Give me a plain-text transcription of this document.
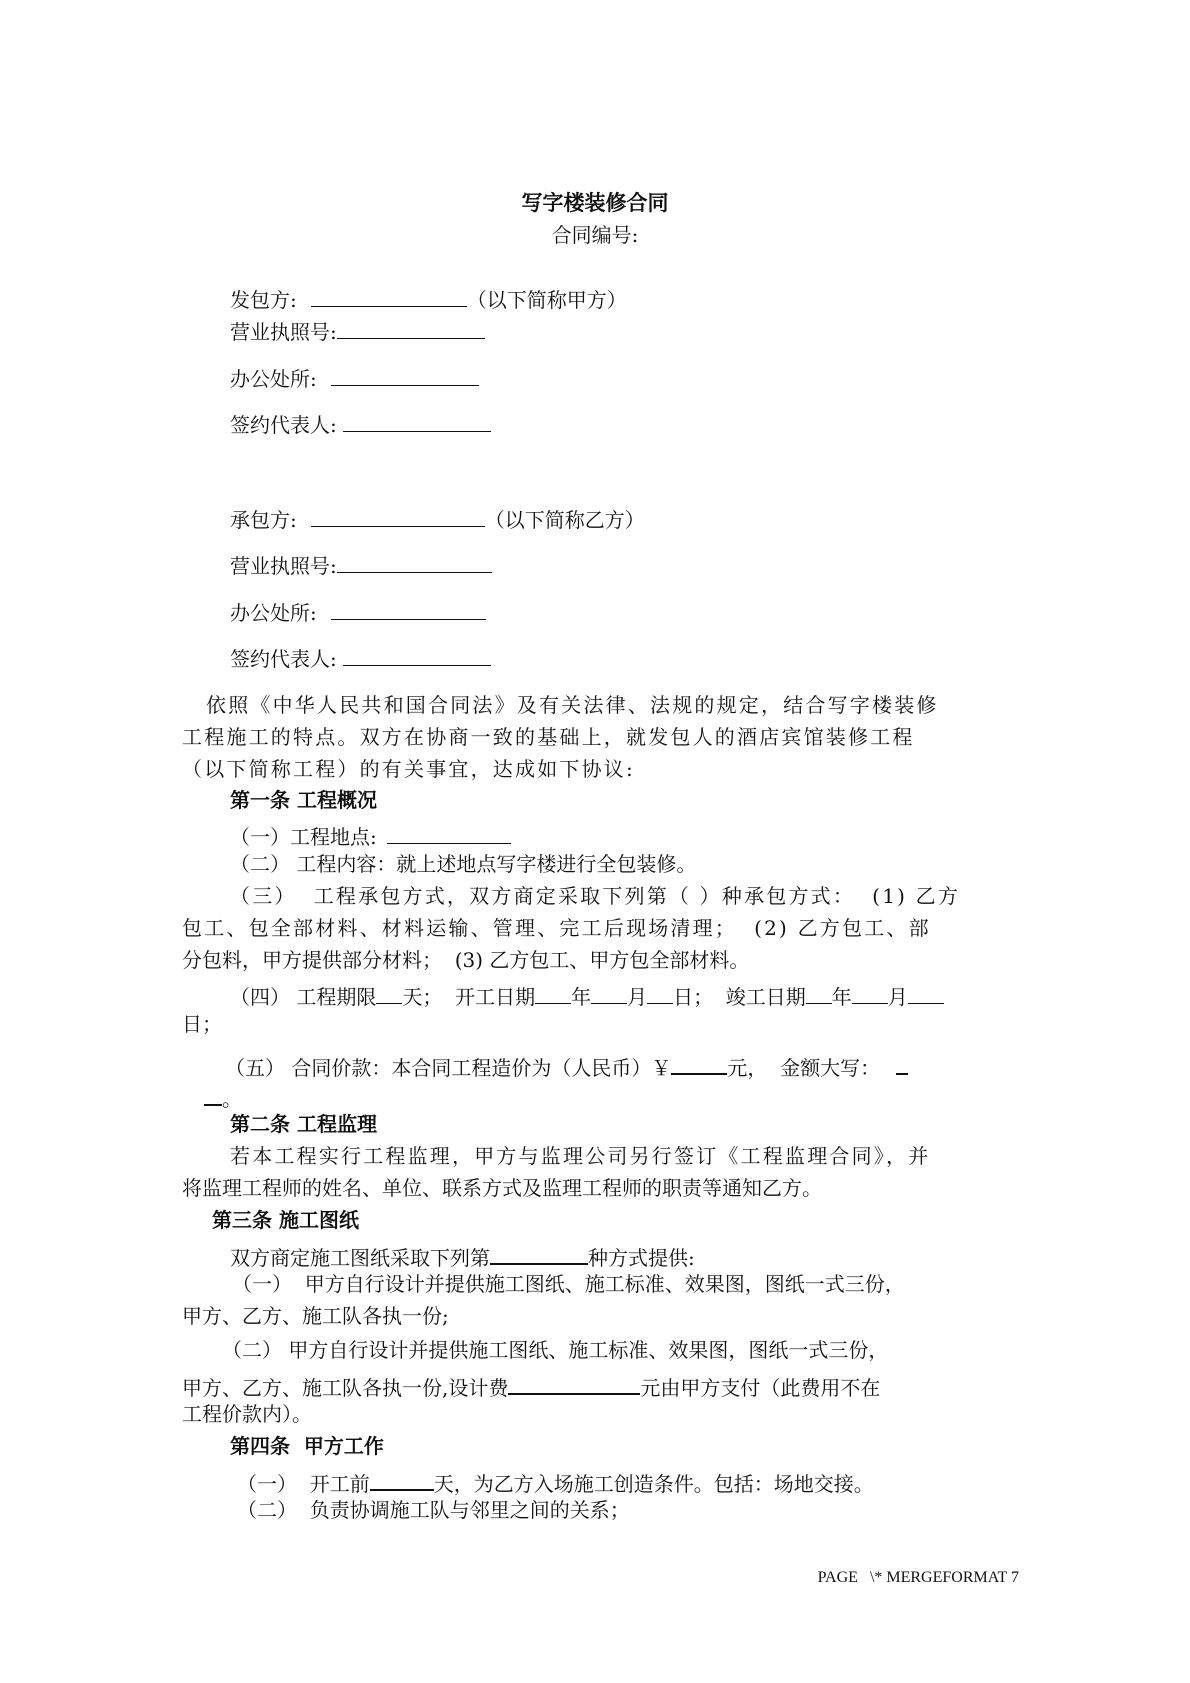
写字楼装修合同
合同编号:
发包方:	（以下简称甲方）
营业执照号:
办公处所:
签约代表人:
承包方:	（以下简称乙方）
营业执照号:
办公处所:
签约代表人:
依照《中华人民共和国合同法》及有关法律、法规的规定，结合写字楼装修
工程施工的特点。双方在协商一致的基础上，就发包人的酒店宾馆装修工程
（以下简称工程）的有关事宜，达成如下协议:
第一条 工程概况
（一）工程地点:
（二） 工程内容：就上述地点写字楼进行全包装修。
（三）  工程承包方式，双方商定采取下列第（ ）种承包方式：  (1) 乙方
包工、包全部材料、材料运输、管理、完工后现场清理；  (2) 乙方包工、部
分包料，甲方提供部分材料；  (3) 乙方包工、甲方包全部材料。
（四） 工程期限 天；  开工日期 年 月 日；  竣工日期 年 月
日；
（五） 合同价款：本合同工程造价为（人民币）￥	元，  金额大写：
。
第二条 工程监理
若本工程实行工程监理，甲方与监理公司另行签订《工程监理合同》，并
将监理工程师的姓名、单位、联系方式及监理工程师的职责等通知乙方。
第三条 施工图纸
双方商定施工图纸采取下列第	种方式提供:
（一）  甲方自行设计并提供施工图纸、施工标准、效果图，图纸一式三份，
甲方、乙方、施工队各执一份;
（二） 甲方自行设计并提供施工图纸、施工标准、效果图，图纸一式三份，
甲方、乙方、施工队各执一份,设计费	元由甲方支付（此费用不在
工程价款内）。
第四条  甲方工作
（一）  开工前	天，为乙方入场施工创造条件。包括：场地交接。
（二）  负责协调施工队与邻里之间的关系；
PAGE   \* MERGEFORMAT 7
